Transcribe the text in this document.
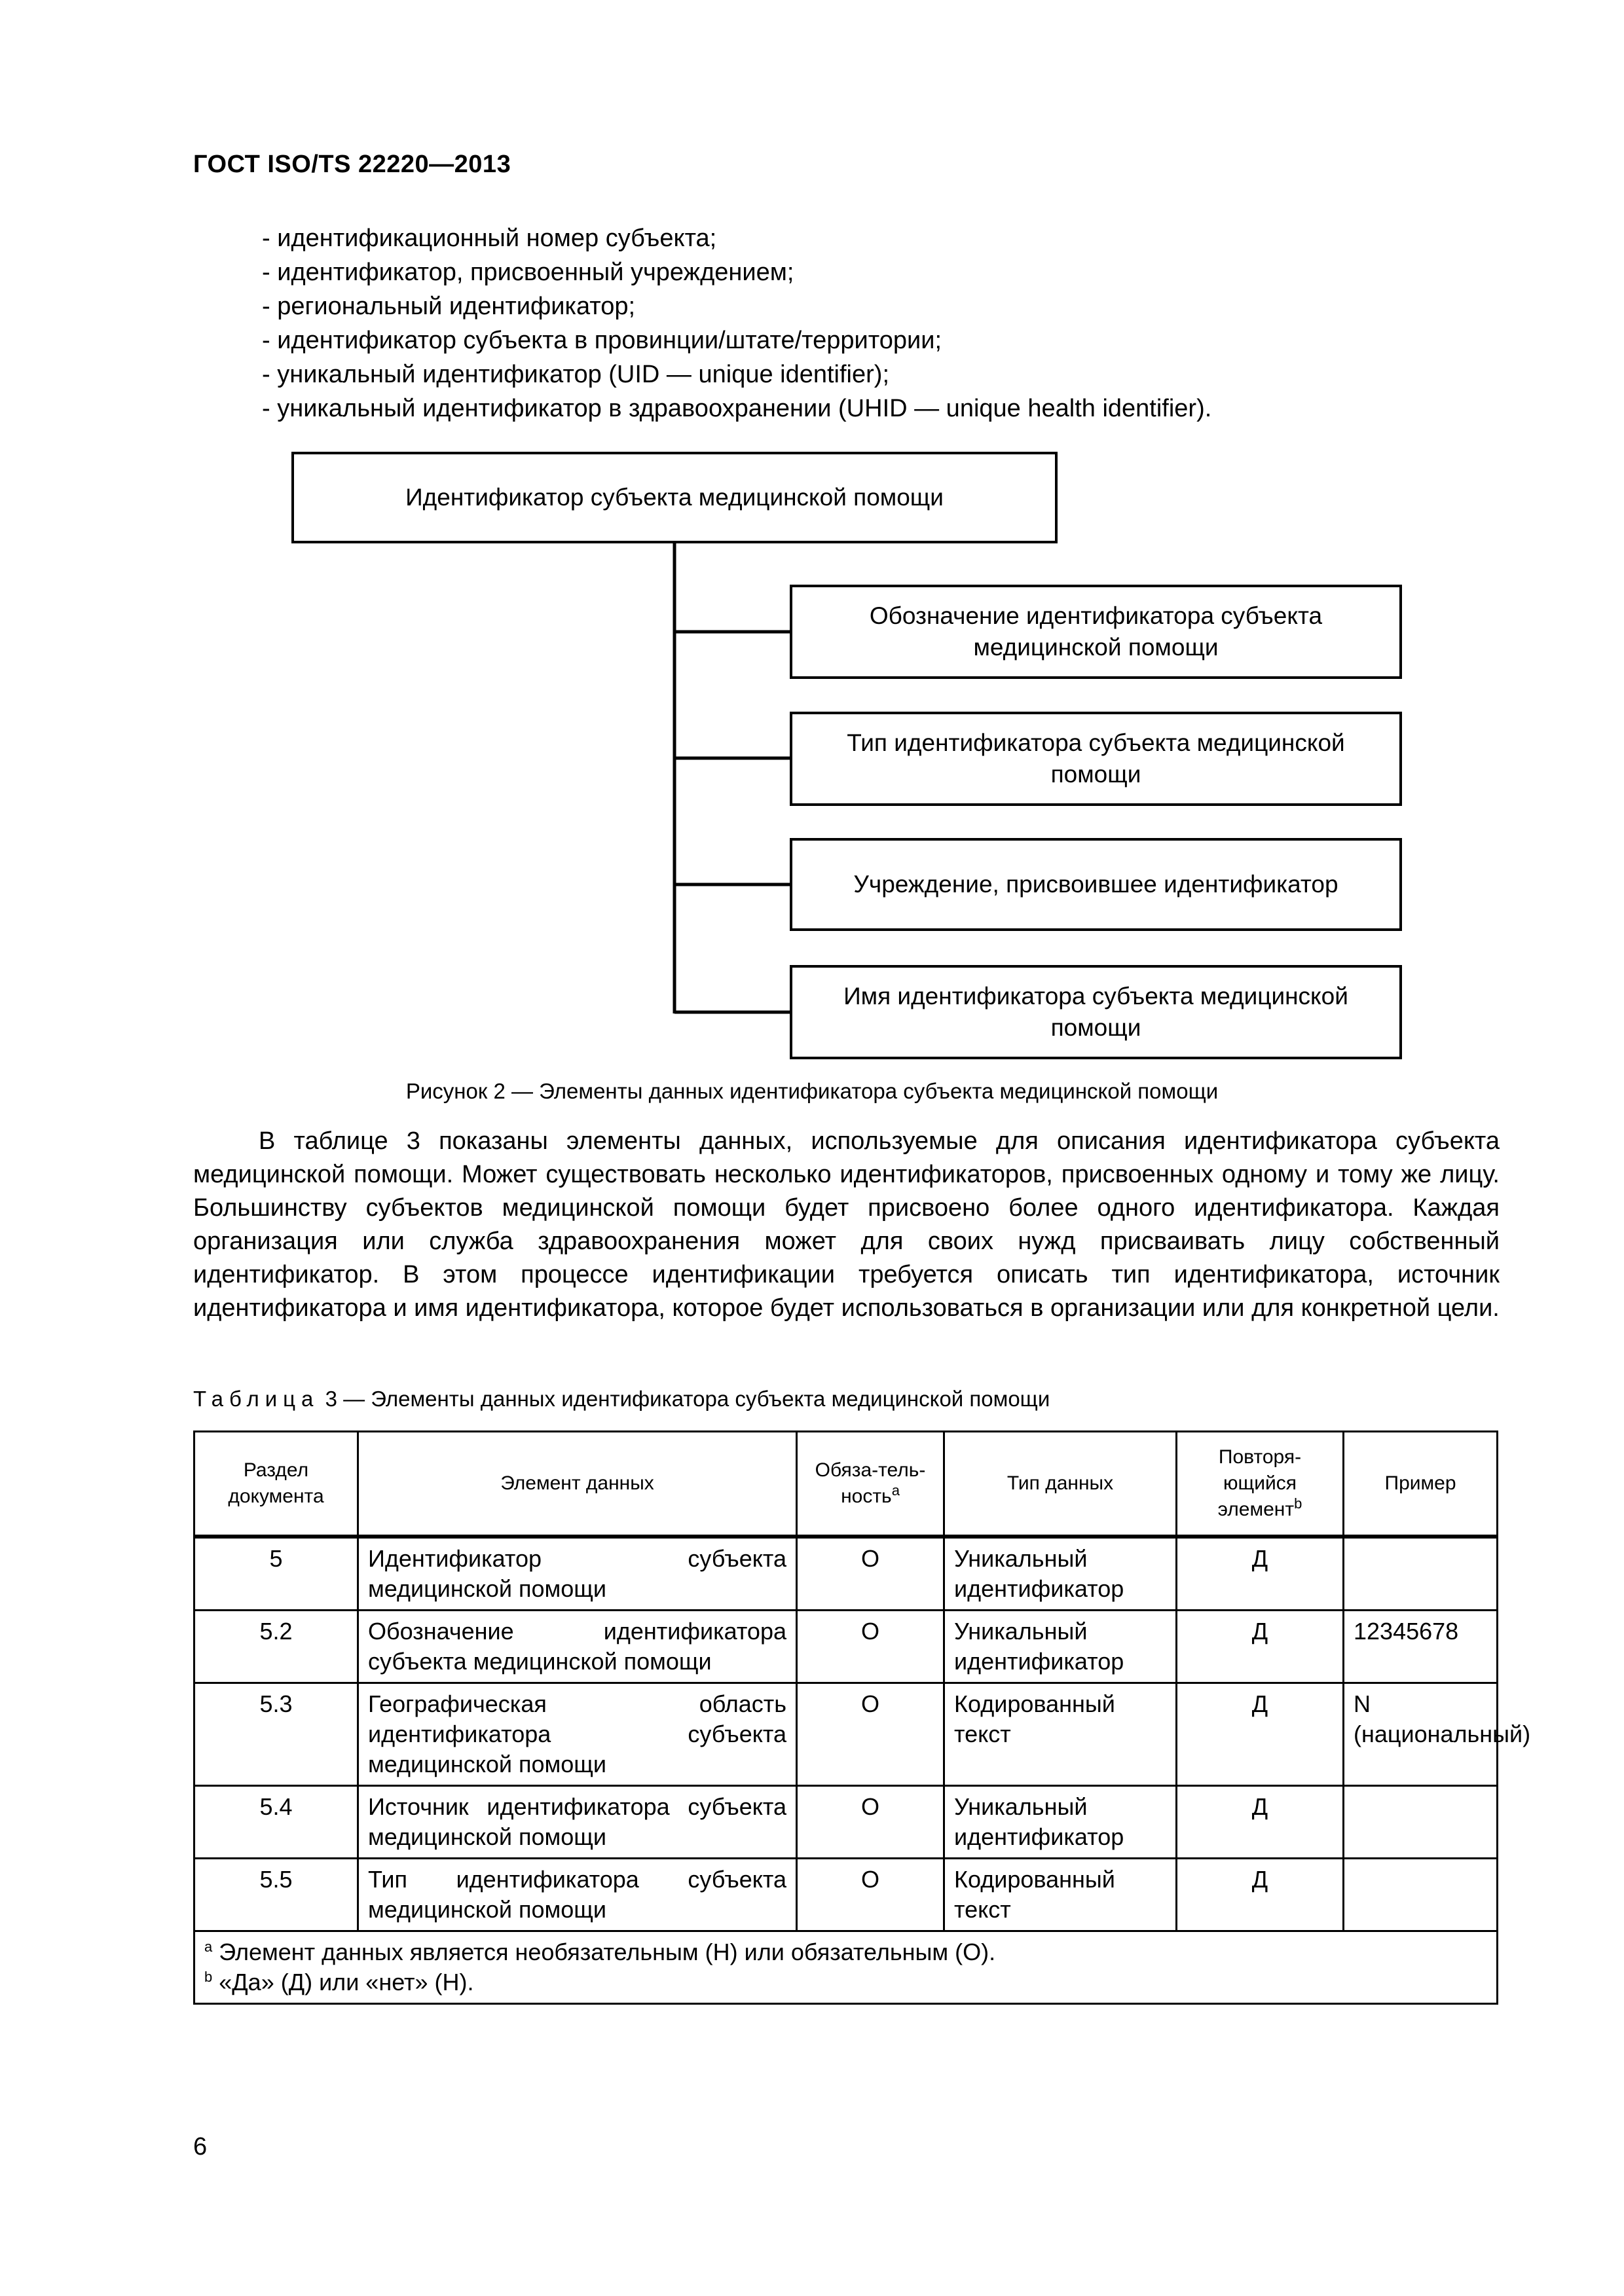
ГОСТ ISO/TS 22220—2013
- идентификационный номер субъекта;
- идентификатор, присвоенный учреждением;
- региональный идентификатор;
- идентификатор субъекта в провинции/штате/территории;
- уникальный идентификатор (UID — unique identifier);
- уникальный идентификатор в здравоохранении (UHID — unique health identifier).
Идентификатор субъекта медицинской помощи
Обозначение идентификатора субъекта медицинской помощи
Тип идентификатора субъекта медицинской помощи
Учреждение, присвоившее идентификатор
Имя идентификатора субъекта медицинской помощи
Рисунок 2 — Элементы данных идентификатора субъекта медицинской помощи

В таблице 3 показаны элементы данных, используемые для описания идентификатора субъекта медицинской помощи. Может существовать несколько идентификаторов, присвоенных одному и тому же лицу. Большинству субъектов медицинской помощи будет присвоено более одного идентификатора. Каждая организация или служба здравоохранения может для своих нужд присваивать лицу собственный идентификатор. В этом процессе идентификации требуется описать тип идентификатора, источник идентификатора и имя идентификатора, которое будет использоваться в организации или для конкретной цели.

Таблица 3 — Элементы данных идентификатора субъекта медицинской помощи
Раздел документа	Элемент данных	Обяза-тель-ность$^a$	Тип данных	Повторя-ющийся элемент$^b$	Пример
5	Идентификатор субъекта медицинской помощи	О	Уникальный идентификатор	Д	
5.2	Обозначение идентификатора субъекта медицинской помощи	О	Уникальный идентификатор	Д	12345678
5.3	Географическая область идентификатора субъекта медицинской помощи	О	Кодированный текст	Д	N (национальный)
5.4	Источник идентификатора субъекта медицинской помощи	О	Уникальный идентификатор	Д	
5.5	Тип идентификатора субъекта медицинской помощи	О	Кодированный текст	Д	

$^a$ Элемент данных является необязательным (Н) или обязательным (О).
$^b$ «Да» (Д) или «нет» (Н).					
6
